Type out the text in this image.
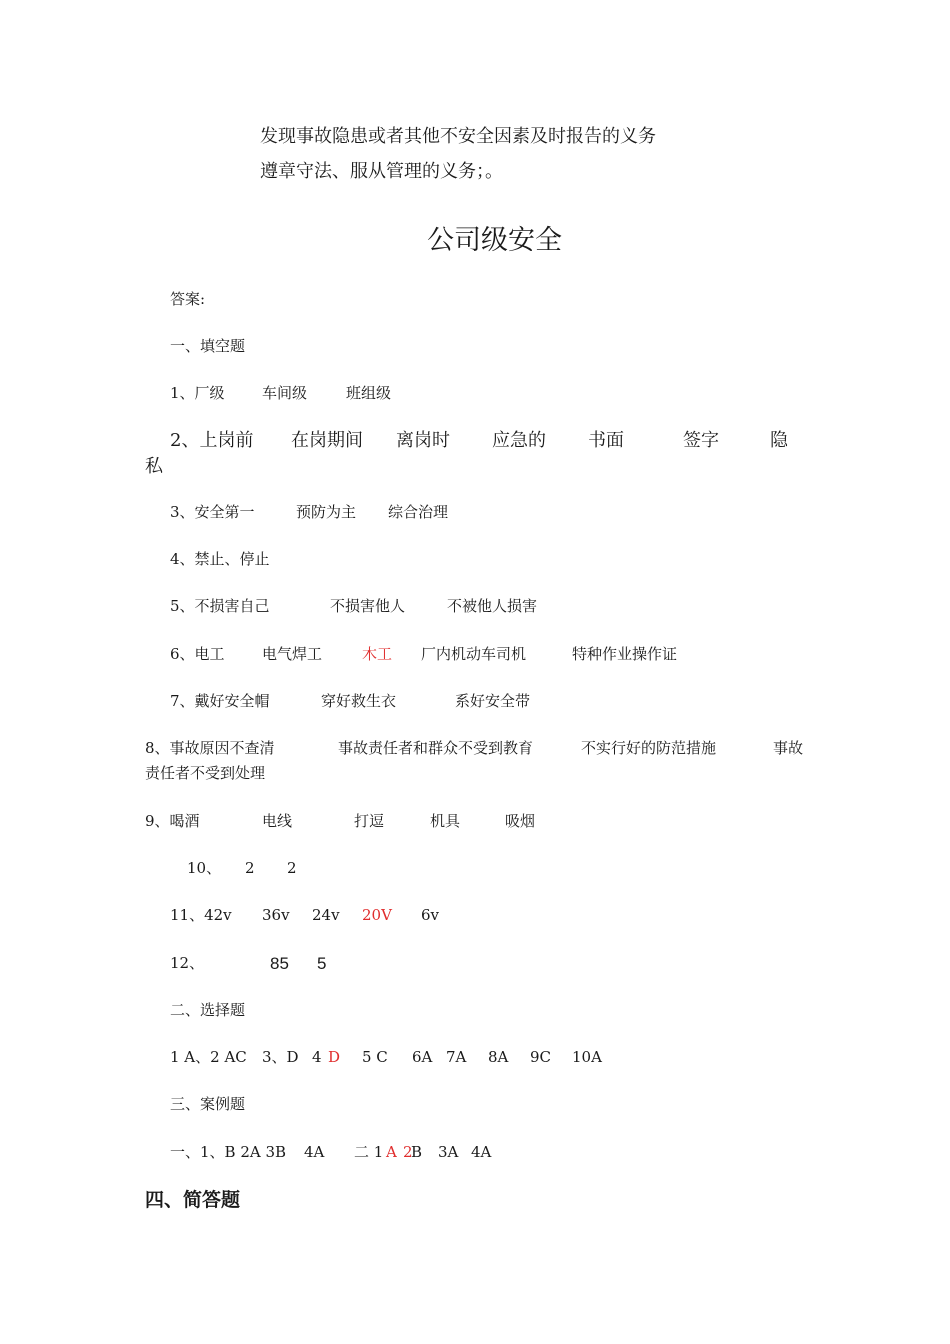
发现事故隐患或者其他不安全因素及时报告的义务
遵章守法、服从管理的义务；。
公司级安全
答案:
一、填空题
1、厂级 车间级	班组级
2、上岗前 在岗期间 离岗时 应急的 书面	签字	隐
私
3、安全第一	预防为主 综合治理
4、禁止、停止
5、不损害自己	不损害他人	不被他人损害
6、电工 电气焊工	木工 厂内机动车司机	特种作业操作证
7、戴好安全帽	穿好救生衣	系好安全带
8、事故原因不查清	事故责任者和群众不受到教育	不实行好的防范措施	事故
责任者不受到处理
9、喝酒	电线	打逗	机具	吸烟
10、 2 2
11、42v 36v 24v 20V 6v
12、	85 5
二、选择题
1 A、2 AC 3、D 4 D 5 C 6A 7A 8A 9C 10A
三、案例题
一、1、B 2A 3B 4A 二 1 A 2
B 3A 4A
四、简答题
